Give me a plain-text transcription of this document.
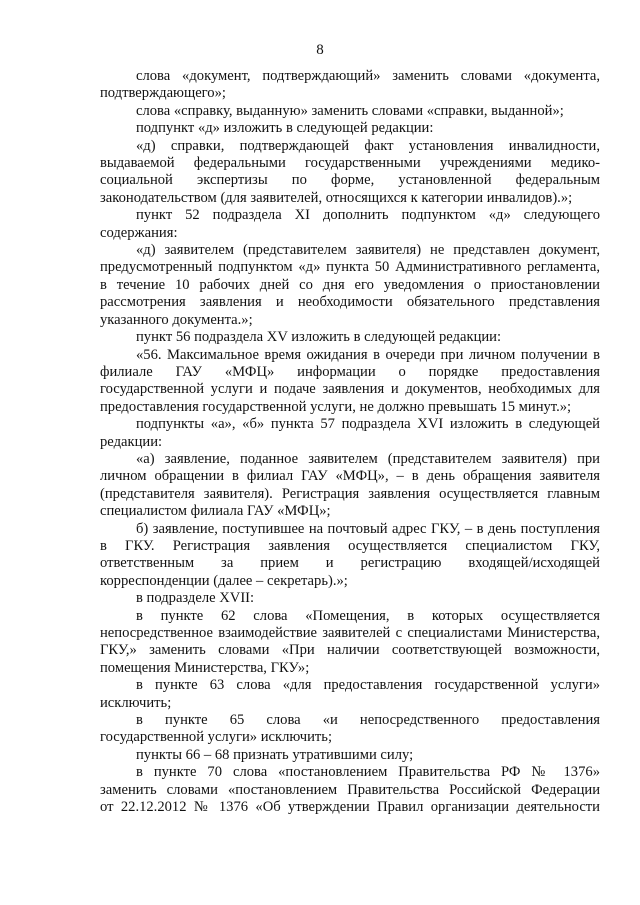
8
слова «документ, подтверждающий» заменить словами «документа,
подтверждающего»;
слова «справку, выданную» заменить словами «справки, выданной»;
подпункт «д» изложить в следующей редакции:
«д) справки, подтверждающей факт установления инвалидности,
выдаваемой федеральными государственными учреждениями медико-
социальной экспертизы по форме, установленной федеральным
законодательством (для заявителей, относящихся к категории инвалидов).»;
пункт 52 подраздела XI дополнить подпунктом «д» следующего
содержания:
«д) заявителем (представителем заявителя) не представлен документ,
предусмотренный подпунктом «д» пункта 50 Административного регламента,
в течение 10 рабочих дней со дня его уведомления о приостановлении
рассмотрения заявления и необходимости обязательного представления
указанного документа.»;
пункт 56 подраздела XV изложить в следующей редакции:
«56. Максимальное время ожидания в очереди при личном получении в
филиале ГАУ «МФЦ» информации о порядке предоставления
государственной услуги и подаче заявления и документов, необходимых для
предоставления государственной услуги, не должно превышать 15 минут.»;
подпункты «а», «б» пункта 57 подраздела XVI изложить в следующей
редакции:
«а) заявление, поданное заявителем (представителем заявителя) при
личном обращении в филиал ГАУ «МФЦ», – в день обращения заявителя
(представителя заявителя). Регистрация заявления осуществляется главным
специалистом филиала ГАУ «МФЦ»;
б) заявление, поступившее на почтовый адрес ГКУ, – в день поступления
в ГКУ. Регистрация заявления осуществляется специалистом ГКУ,
ответственным за прием и регистрацию входящей/исходящей
корреспонденции (далее – секретарь).»;
в подразделе XVII:
в пункте 62 слова «Помещения, в которых осуществляется
непосредственное взаимодействие заявителей с специалистами Министерства,
ГКУ,» заменить словами «При наличии соответствующей возможности,
помещения Министерства, ГКУ»;
в пункте 63 слова «для предоставления государственной услуги»
исключить;
в пункте 65 слова «и непосредственного предоставления
государственной услуги» исключить;
пункты 66 – 68 признать утратившими силу;
в пункте 70 слова «постановлением Правительства РФ № 1376»
заменить словами «постановлением Правительства Российской Федерации
от 22.12.2012 № 1376 «Об утверждении Правил организации деятельности
